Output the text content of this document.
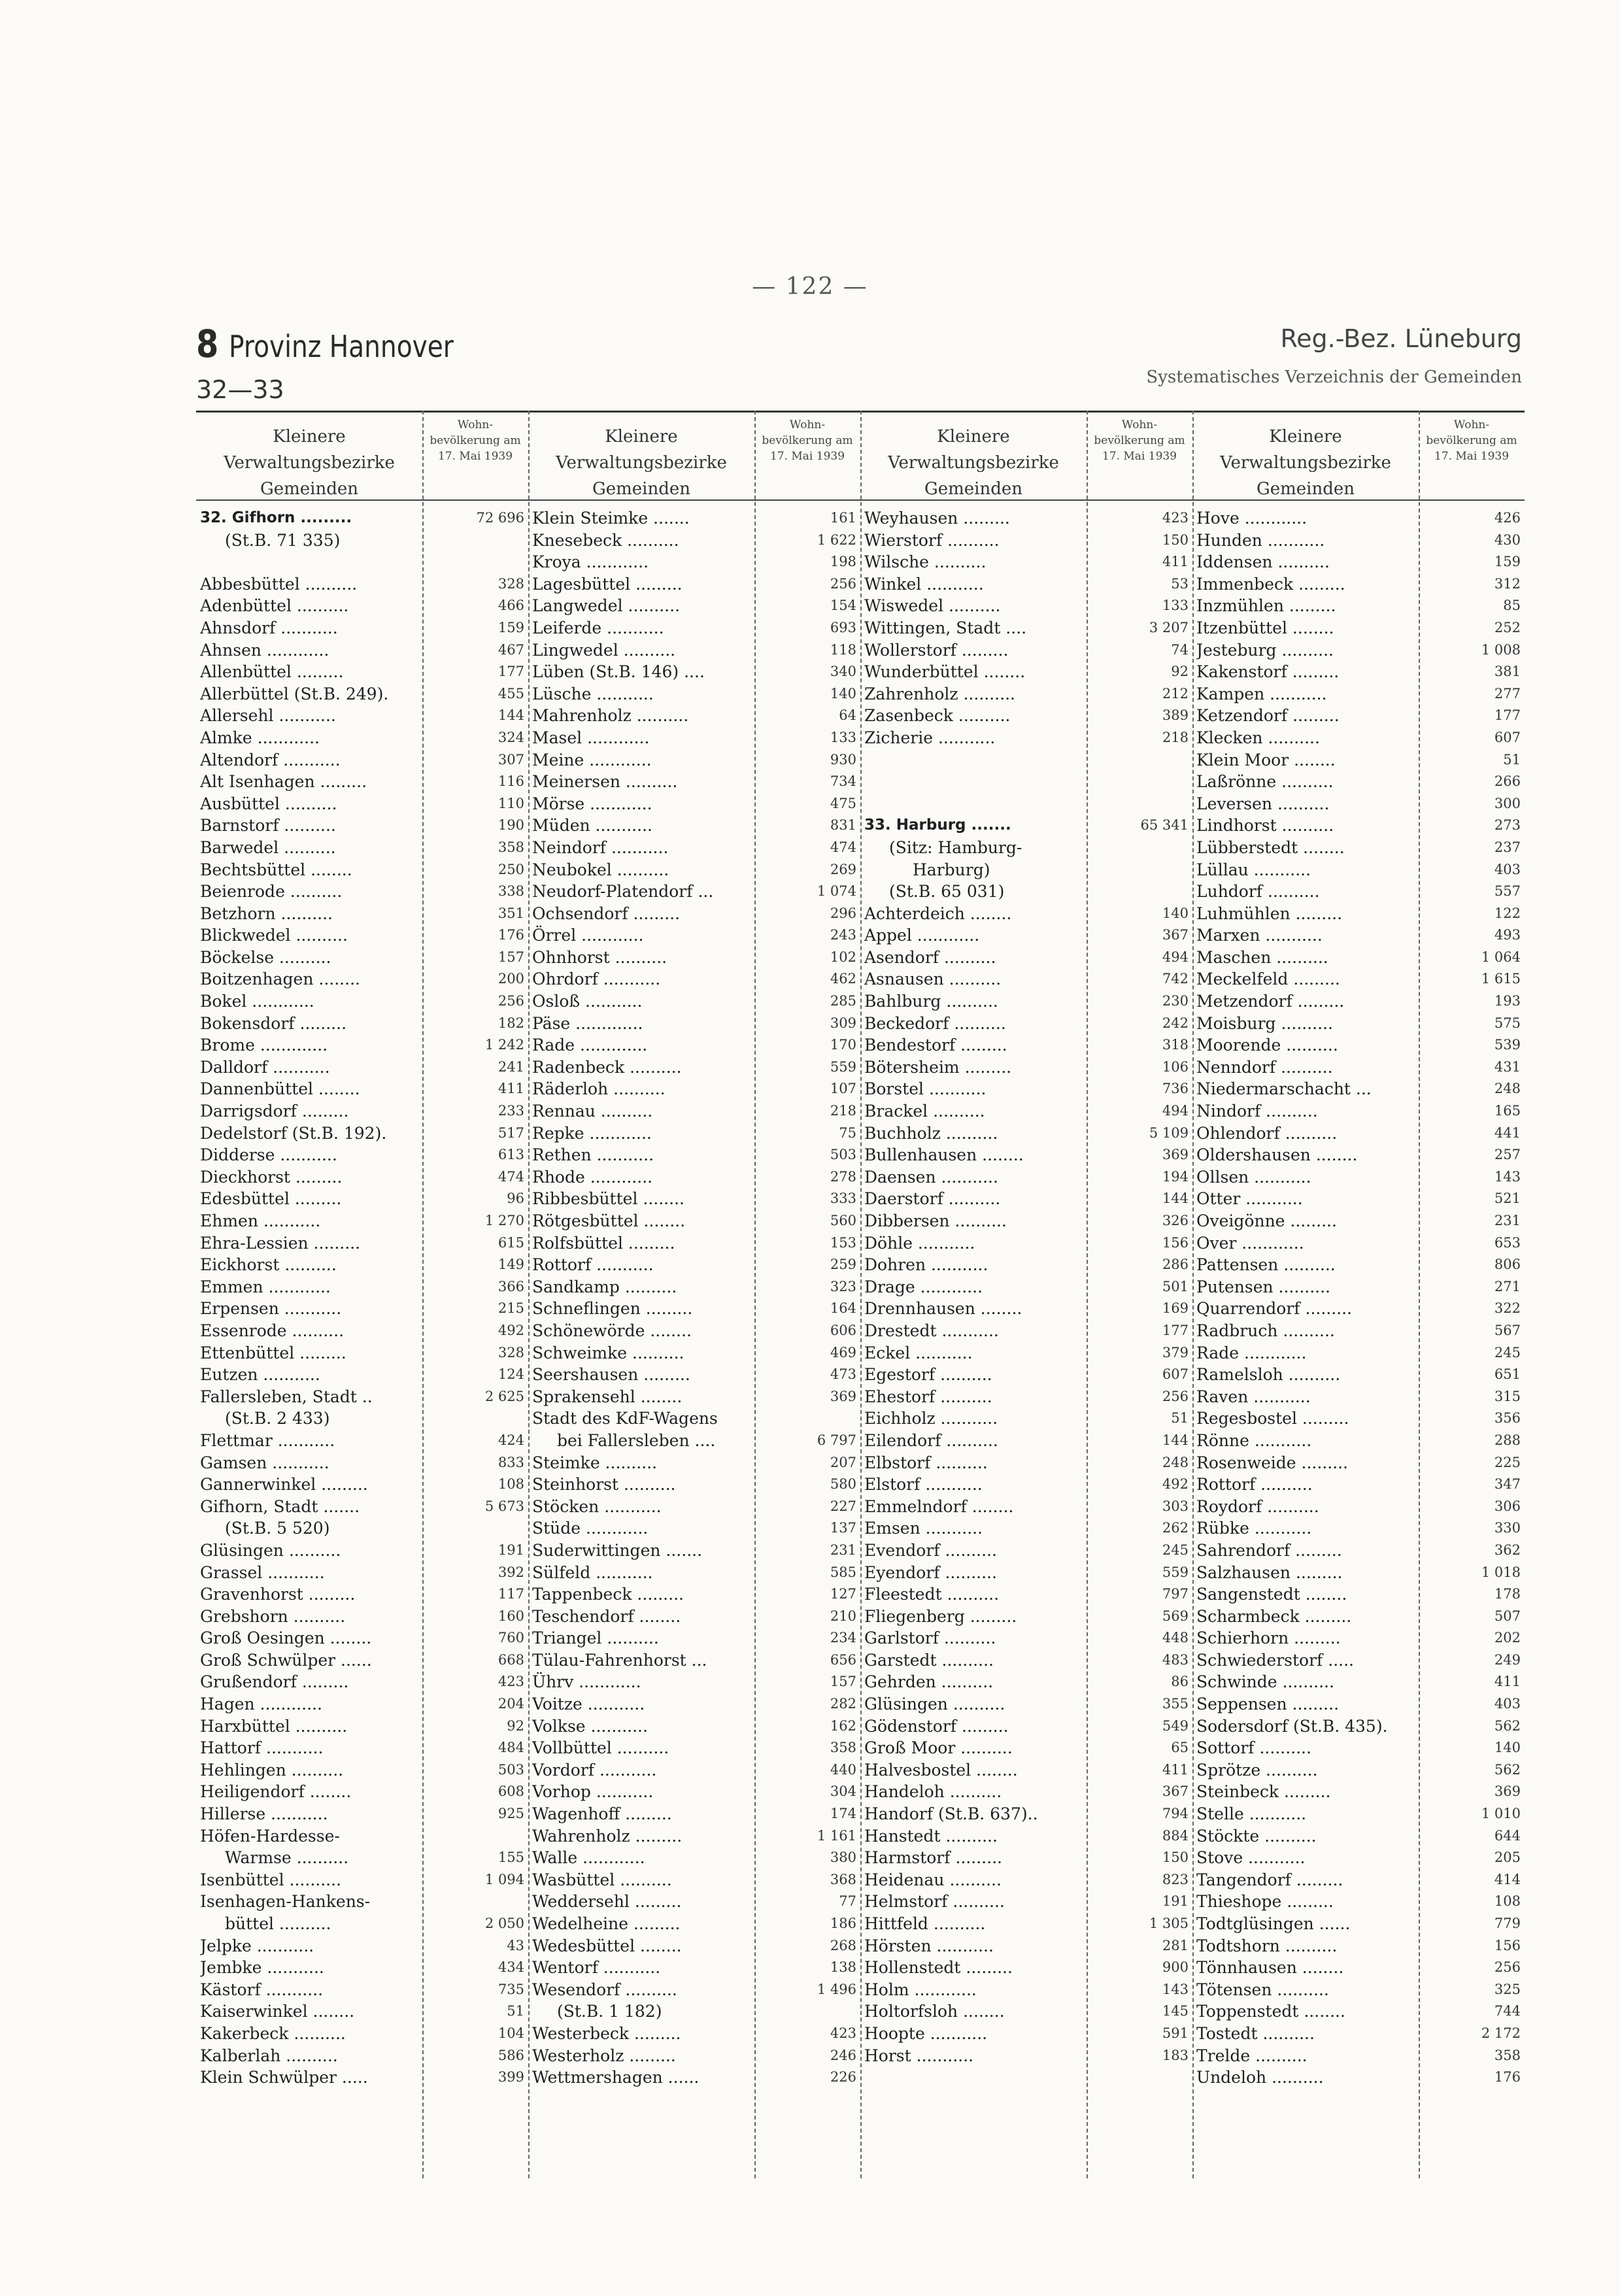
— 122 —
8 Provinz Hannover
32—33
Reg.-Bez. Lüneburg
Systematisches Verzeichnis der Gemeinden
Kleinere Verwaltungsbezirke Gemeinden
Wohn- bevölkerung am 17. Mai 1939
32. Gifhorn .........	72 696
(St.B. 71 335)
Abbesbüttel ..........	328
Adenbüttel ..........	466
Ahnsdorf ...........	159
Ahnsen ............	467
Allenbüttel .........	177
Allerbüttel (St.B. 249).	455
Allersehl ...........	144
Almke ............	324
Altendorf ...........	307
Alt Isenhagen .........	116
Ausbüttel ..........	110
Barnstorf ..........	190
Barwedel ..........	358
Bechtsbüttel ........	250
Beienrode ..........	338
Betzhorn ..........	351
Blickwedel ..........	176
Böckelse ..........	157
Boitzenhagen ........	200
Bokel ............	256
Bokensdorf .........	182
Brome .............	1 242
Dalldorf ...........	241
Dannenbüttel ........	411
Darrigsdorf .........	233
Dedelstorf (St.B. 192).	517
Didderse ...........	613
Dieckhorst .........	474
Edesbüttel .........	96
Ehmen ...........	1 270
Ehra-Lessien .........	615
Eickhorst ..........	149
Emmen ............	366
Erpensen ...........	215
Essenrode ..........	492
Ettenbüttel .........	328
Eutzen ...........	124
Fallersleben, Stadt ..	2 625
(St.B. 2 433)
Flettmar ...........	424
Gamsen ...........	833
Gannerwinkel .........	108
Gifhorn, Stadt .......	5 673
(St.B. 5 520)
Glüsingen ..........	191
Grassel ...........	392
Gravenhorst .........	117
Grebshorn ..........	160
Groß Oesingen ........	760
Groß Schwülper ......	668
Grußendorf .........	423
Hagen ............	204
Harxbüttel ..........	92
Hattorf ...........	484
Hehlingen ..........	503
Heiligendorf ........	608
Hillerse ...........	925
Höfen-Hardesse-
Warmse ..........	155
Isenbüttel ..........	1 094
Isenhagen-Hankens-
büttel ..........	2 050
Jelpke ...........	43
Jembke ...........	434
Kästorf ...........	735
Kaiserwinkel ........	51
Kakerbeck ..........	104
Kalberlah ..........	586
Klein Schwülper .....	399
Kleinere Verwaltungsbezirke Gemeinden
Wohn- bevölkerung am 17. Mai 1939
Klein Steimke .......	161
Knesebeck ..........	1 622
Kroya ............	198
Lagesbüttel .........	256
Langwedel ..........	154
Leiferde ...........	693
Lingwedel ..........	118
Lüben (St.B. 146) ....	340
Lüsche ...........	140
Mahrenholz ..........	64
Masel ............	133
Meine ............	930
Meinersen ..........	734
Mörse ............	475
Müden ...........	831
Neindorf ...........	474
Neubokel ..........	269
Neudorf-Platendorf ...	1 074
Ochsendorf .........	296
Örrel ............	243
Ohnhorst ..........	102
Ohrdorf ...........	462
Osloß ...........	285
Päse .............	309
Rade .............	170
Radenbeck ..........	559
Räderloh ..........	107
Rennau ..........	218
Repke ............	75
Rethen ...........	503
Rhode ............	278
Ribbesbüttel ........	333
Rötgesbüttel ........	560
Rolfsbüttel .........	153
Rottorf ...........	259
Sandkamp ..........	323
Schneflingen .........	164
Schönewörde ........	606
Schweimke ..........	469
Seershausen .........	473
Sprakensehl ........	369
Stadt des KdF-Wagens
bei Fallersleben ....	6 797
Steimke ..........	207
Steinhorst ..........	580
Stöcken ...........	227
Stüde ............	137
Suderwittingen .......	231
Sülfeld ...........	585
Tappenbeck .........	127
Teschendorf ........	210
Triangel ..........	234
Tülau-Fahrenhorst ...	656
Ührv ............	157
Voitze ...........	282
Volkse ...........	162
Vollbüttel ..........	358
Vordorf ...........	440
Vorhop ...........	304
Wagenhoff .........	174
Wahrenholz .........	1 161
Walle ............	380
Wasbüttel ..........	368
Weddersehl .........	77
Wedelheine .........	186
Wedesbüttel ........	268
Wentorf ...........	138
Wesendorf ..........	1 496
(St.B. 1 182)
Westerbeck .........	423
Westerholz .........	246
Wettmershagen ......	226
Kleinere Verwaltungsbezirke Gemeinden
Wohn- bevölkerung am 17. Mai 1939
Weyhausen .........	423
Wierstorf ..........	150
Wilsche ..........	411
Winkel ...........	53
Wiswedel ..........	133
Wittingen, Stadt ....	3 207
Wollerstorf .........	74
Wunderbüttel ........	92
Zahrenholz ..........	212
Zasenbeck ..........	389
Zicherie ...........	218
33. Harburg .......	65 341
(Sitz: Hamburg-
Harburg)
(St.B. 65 031)
Achterdeich ........	140
Appel ............	367
Asendorf ..........	494
Asnausen ..........	742
Bahlburg ..........	230
Beckedorf ..........	242
Bendestorf .........	318
Bötersheim .........	106
Borstel ...........	736
Brackel ..........	494
Buchholz ..........	5 109
Bullenhausen ........	369
Daensen ...........	194
Daerstorf ..........	144
Dibbersen ..........	326
Döhle ...........	156
Dohren ...........	286
Drage ............	501
Drennhausen ........	169
Drestedt ...........	177
Eckel ...........	379
Egestorf ..........	607
Ehestorf ..........	256
Eichholz ...........	51
Eilendorf ..........	144
Elbstorf ..........	248
Elstorf ...........	492
Emmelndorf ........	303
Emsen ...........	262
Evendorf ..........	245
Eyendorf ..........	559
Fleestedt ..........	797
Fliegenberg .........	569
Garlstorf ..........	448
Garstedt ..........	483
Gehrden ..........	86
Glüsingen ..........	355
Gödenstorf .........	549
Groß Moor ..........	65
Halvesbostel ........	411
Handeloh ..........	367
Handorf (St.B. 637)..	794
Hanstedt ..........	884
Harmstorf .........	150
Heidenau ..........	823
Helmstorf ..........	191
Hittfeld ..........	1 305
Hörsten ...........	281
Hollenstedt .........	900
Holm ............	143
Holtorfsloh ........	145
Hoopte ...........	591
Horst ...........	183
Kleinere Verwaltungsbezirke Gemeinden
Wohn- bevölkerung am 17. Mai 1939
Hove ............	426
Hunden ...........	430
Iddensen ..........	159
Immenbeck .........	312
Inzmühlen .........	85
Itzenbüttel ........	252
Jesteburg ..........	1 008
Kakenstorf .........	381
Kampen ...........	277
Ketzendorf .........	177
Klecken ..........	607
Klein Moor ........	51
Laßrönne ..........	266
Leversen ..........	300
Lindhorst ..........	273
Lübberstedt ........	237
Lüllau ...........	403
Luhdorf ..........	557
Luhmühlen .........	122
Marxen ...........	493
Maschen ..........	1 064
Meckelfeld .........	1 615
Metzendorf .........	193
Moisburg ..........	575
Moorende ..........	539
Nenndorf ..........	431
Niedermarschacht ...	248
Nindorf ..........	165
Ohlendorf ..........	441
Oldershausen ........	257
Ollsen ...........	143
Otter ...........	521
Oveigönne .........	231
Over ............	653
Pattensen ..........	806
Putensen ..........	271
Quarrendorf .........	322
Radbruch ..........	567
Rade ............	245
Ramelsloh ..........	651
Raven ...........	315
Regesbostel .........	356
Rönne ...........	288
Rosenweide .........	225
Rottorf ..........	347
Roydorf ..........	306
Rübke ...........	330
Sahrendorf .........	362
Salzhausen .........	1 018
Sangenstedt ........	178
Scharmbeck .........	507
Schierhorn .........	202
Schwiederstorf .....	249
Schwinde ..........	411
Seppensen .........	403
Sodersdorf (St.B. 435).	562
Sottorf ..........	140
Sprötze ..........	562
Steinbeck .........	369
Stelle ...........	1 010
Stöckte ..........	644
Stove ...........	205
Tangendorf .........	414
Thieshope .........	108
Todtglüsingen ......	779
Todtshorn ..........	156
Tönnhausen ........	256
Tötensen ..........	325
Toppenstedt ........	744
Tostedt ..........	2 172
Trelde ..........	358
Undeloh ..........	176
